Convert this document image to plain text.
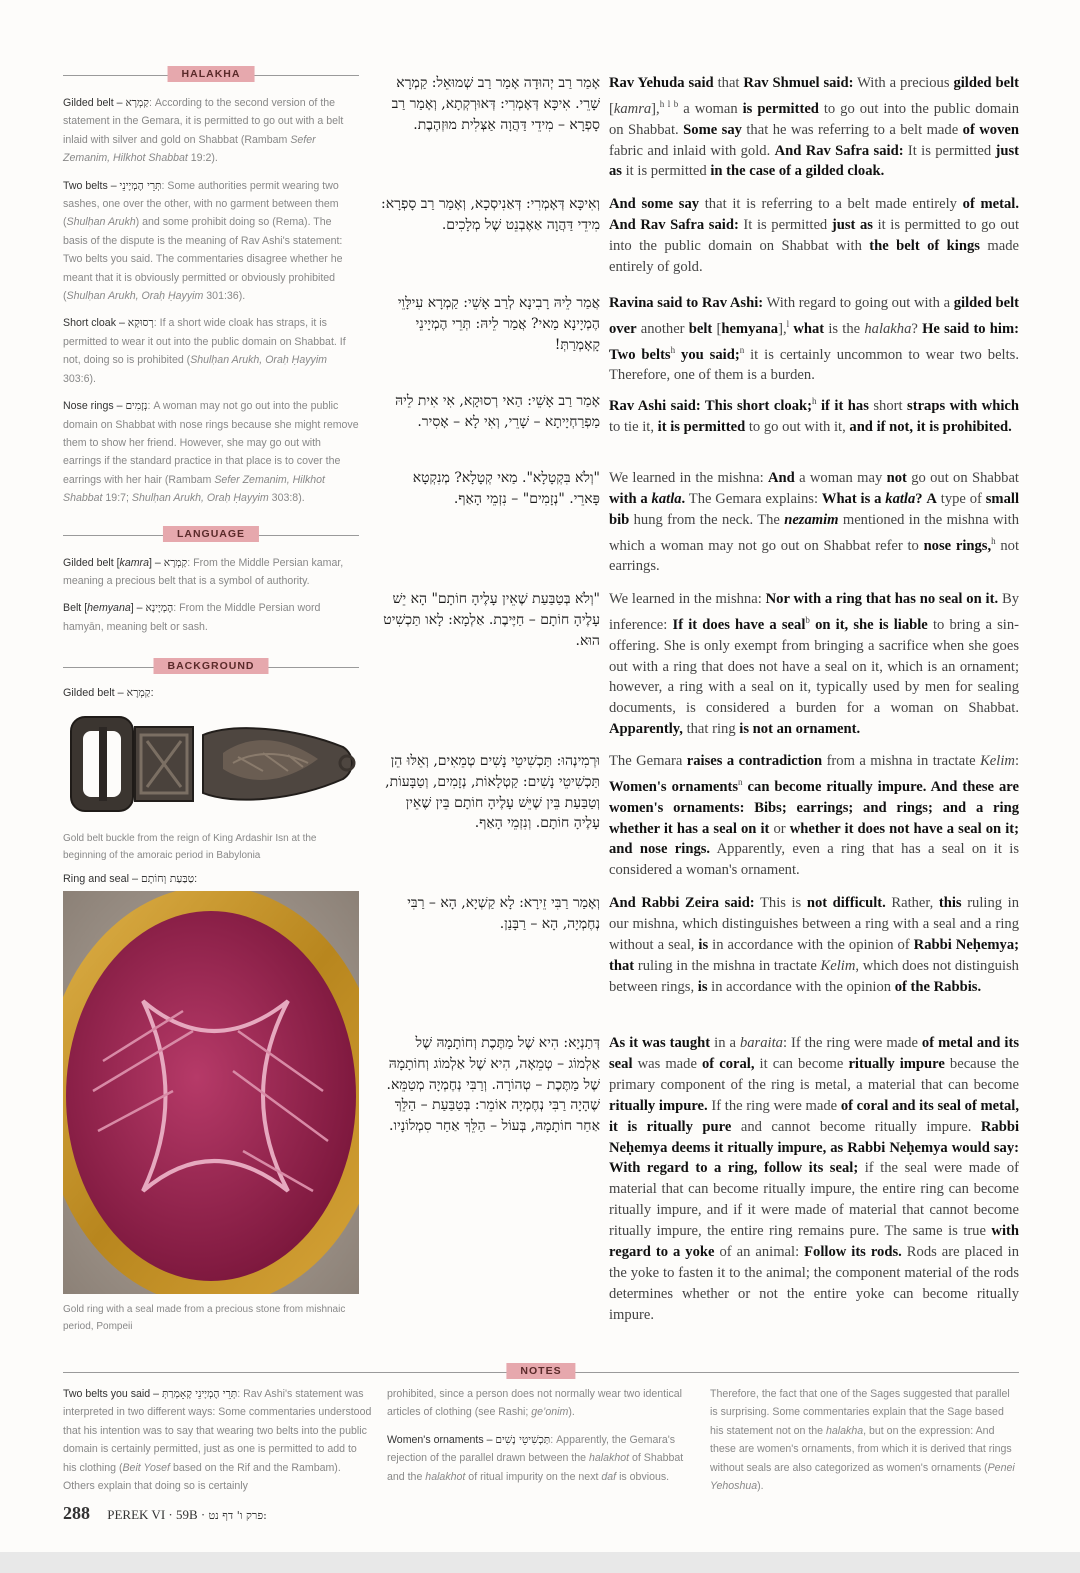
HALAKHA

Gilded belt – קַמְרָא: According to the second version of the statement in the Gemara, it is permitted to go out with a belt inlaid with silver and gold on Shabbat (Rambam Sefer Zemanim, Hilkhot Shabbat 19:2).

Two belts – תְּרֵי הֶמְיָינֵי: Some authorities permit wearing two sashes, one over the other, with no garment between them (Shulḥan Arukh) and some prohibit doing so (Rema). The basis of the dispute is the meaning of Rav Ashi's statement: Two belts you said. The commentaries disagree whether he meant that it is obviously permitted or obviously prohibited (Shulḥan Arukh, Oraḥ Ḥayyim 301:36).

Short cloak – רְסוּקָא: If a short wide cloak has straps, it is permitted to wear it out into the public domain on Shabbat. If not, doing so is prohibited (Shulḥan Arukh, Oraḥ Ḥayyim 303:6).

Nose rings – נְזָמִים: A woman may not go out into the public domain on Shabbat with nose rings because she might remove them to show her friend. However, she may go out with earrings if the standard practice in that place is to cover the earrings with her hair (Rambam Sefer Zemanim, Hilkhot Shabbat 19:7; Shulḥan Arukh, Oraḥ Ḥayyim 303:8).

LANGUAGE

Gilded belt [kamra] – קַמְרָא: From the Middle Persian kamar, meaning a precious belt that is a symbol of authority.

Belt [hemyana] – הֶמְיָינָא: From the Middle Persian word hamyān, meaning belt or sash.

BACKGROUND
Gilded belt – קַמְרָא:

Gold belt buckle from the reign of King Ardashir Isn at the beginning of the amoraic period in Babylonia

Ring and seal – טַבַּעַת וְחוֹתָם:

Gold ring with a seal made from a precious stone from mishnaic period, Pompeii

אָמַר רַב יְהוּדָה אָמַר רַב שְׁמוּאֵל: קַמְרָא שָׁרֵי. אִיכָּא דְּאָמְרִי: דְּאוּרְקְתָא, וְאָמַר רַב סָפְרָא – מִידֵי דַּהֲוָה אַצְּלִית מוּזְהֶבֶת.

Rav Yehuda said that Rav Shmuel said: With a precious gilded belt [kamra],$^{h l b}$ a woman is permitted to go out into the public domain on Shabbat. Some say that he was referring to a belt made of woven fabric and inlaid with gold. And Rav Safra said: It is permitted just as it is permitted in the case of a gilded cloak.

וְאִיכָּא דְּאָמְרִי: דְּאַנִיסְכָא, וְאָמַר רַב סָפְרָא: מִידֵי דַּהֲוָה אַאֶבְנֵט שֶׁל מְלָכִים.

And some say that it is referring to a belt made entirely of metal. And Rav Safra said: It is permitted just as it is permitted to go out into the public domain on Shabbat with the belt of kings made entirely of gold.

אֲמַר לֵיהּ רָבִינָא לְרַב אָשֵׁי: קַמְרָא עִילָּוֵי הֶמְיָינָא מַאי? אֲמַר לֵיהּ: תְּרֵי הֶמְיָינֵי קָאָמְרַתְּ!

Ravina said to Rav Ashi: With regard to going out with a gilded belt over another belt [hemyana],$^l$ what is the halakha? He said to him: Two belts$^h$ you said;$^n$ it is certainly uncommon to wear two belts. Therefore, one of them is a burden.

אָמַר רַב אָשֵׁי: הַאי רְסוּקָא, אִי אִית לֵיהּ מַפְרַחְיָיתָא – שָׁרֵי, וְאִי לָא – אָסִיר.

Rav Ashi said: This short cloak;$^h$ if it has short straps with which to tie it, it is permitted to go out with it, and if not, it is prohibited.

"וְלֹא בִּקְטָלָא". מַאי קְטָלָא? מְנִקְטָא פָּארֵי. "נְזָמִים" – נִזְמֵי הָאַף.

We learned in the mishna: And a woman may not go out on Shabbat with a katla. The Gemara explains: What is a katla? A type of small bib hung from the neck. The nezamim mentioned in the mishna with which a woman may not go out on Shabbat refer to nose rings,$^h$ not earrings.

"וְלֹא בְּטַבַּעַת שֶׁאֵין עָלֶיהָ חוֹתָם" הָא יֵשׁ עָלֶיהָ חוֹתָם – חַיֶּיבֶת. אַלְמָא: לָאו תַּכְשִׁיט הוּא.

We learned in the mishna: Nor with a ring that has no seal on it. By inference: If it does have a seal$^b$ on it, she is liable to bring a sin-offering. She is only exempt from bringing a sacrifice when she goes out with a ring that does not have a seal on it, which is an ornament; however, a ring with a seal on it, typically used by men for sealing documents, is considered a burden for a woman on Shabbat. Apparently, that ring is not an ornament.

וּרְמִינְהוּ: תַּכְשִׁיטֵי נָשִׁים טְמֵאִים, וְאֵלּוּ הֵן תַּכְשִׁיטֵי נָשִׁים: קַטְלָאוֹת, נְזָמִים, וְטַבָּעוֹת, וְטַבַּעַת בֵּין שֶׁיֵּשׁ עָלֶיהָ חוֹתָם בֵּין שֶׁאֵין עָלֶיהָ חוֹתָם. וְנִזְמֵי הָאַף.

The Gemara raises a contradiction from a mishna in tractate Kelim: Women's ornaments$^n$ can become ritually impure. And these are women's ornaments: Bibs; earrings; and rings; and a ring whether it has a seal on it or whether it does not have a seal on it; and nose rings. Apparently, even a ring that has a seal on it is considered a woman's ornament.

וְאָמַר רַבִּי זֵירָא: לָא קַשְׁיָא, הָא – רַבִּי נְחֶמְיָה, הָא – רַבָּנַן.

And Rabbi Zeira said: This is not difficult. Rather, this ruling in our mishna, which distinguishes between a ring with a seal and a ring without a seal, is in accordance with the opinion of Rabbi Neḥemya; that ruling in the mishna in tractate Kelim, which does not distinguish between rings, is in accordance with the opinion of the Rabbis.

דְּתַנְיָא: הִיא שֶׁל מַתֶּכֶת וְחוֹתָמָהּ שֶׁל אַלְמוֹג – טְמֵאָה, הִיא שֶׁל אַלְמוֹג וְחוֹתָמָהּ שֶׁל מַתֶּכֶת – טְהוֹרָה. וְרַבִּי נְחֶמְיָה מְטַמֵּא. שֶׁהָיָה רַבִּי נְחֶמְיָה אוֹמֵר: בְּטַבַּעַת – הַלֵּךְ אַחַר חוֹתָמָהּ, בְּעוֹל – הַלֵּךְ אַחַר סִמְלוֹנָיו.

As it was taught in a baraita: If the ring were made of metal and its seal was made of coral, it can become ritually impure because the primary component of the ring is metal, a material that can become ritually impure. If the ring were made of coral and its seal of metal, it is ritually pure and cannot become ritually impure. Rabbi Neḥemya deems it ritually impure, as Rabbi Neḥemya would say: With regard to a ring, follow its seal; if the seal were made of material that can become ritually impure, the entire ring can become ritually impure, and if it were made of material that cannot become ritually impure, the entire ring remains pure. The same is true with regard to a yoke of an animal: Follow its rods. Rods are placed in the yoke to fasten it to the animal; the component material of the rods determines whether or not the entire yoke can become ritually impure.

NOTES

Two belts you said – תְּרֵי הֶמְיָינֵי קָאָמְרַתְּ: Rav Ashi's statement was interpreted in two different ways: Some commentaries understood that his intention was to say that wearing two belts into the public domain is certainly permitted, just as one is permitted to add to his clothing (Beit Yosef based on the Rif and the Rambam). Others explain that doing so is certainly

prohibited, since a person does not normally wear two identical articles of clothing (see Rashi; ge’onim).

Women's ornaments – תַּכְשִׁיטֵי נָשִׁים: Apparently, the Gemara's rejection of the parallel drawn between the halakhot of Shabbat and the halakhot of ritual impurity on the next daf is obvious.

Therefore, the fact that one of the Sages suggested that parallel is surprising. Some commentaries explain that the Sage based his statement not on the halakha, but on the expression: And these are women's ornaments, from which it is derived that rings without seals are also categorized as women's ornaments (Penei Yehoshua).

288 PEREK VI · 59B · פרק ו' דף נט:
